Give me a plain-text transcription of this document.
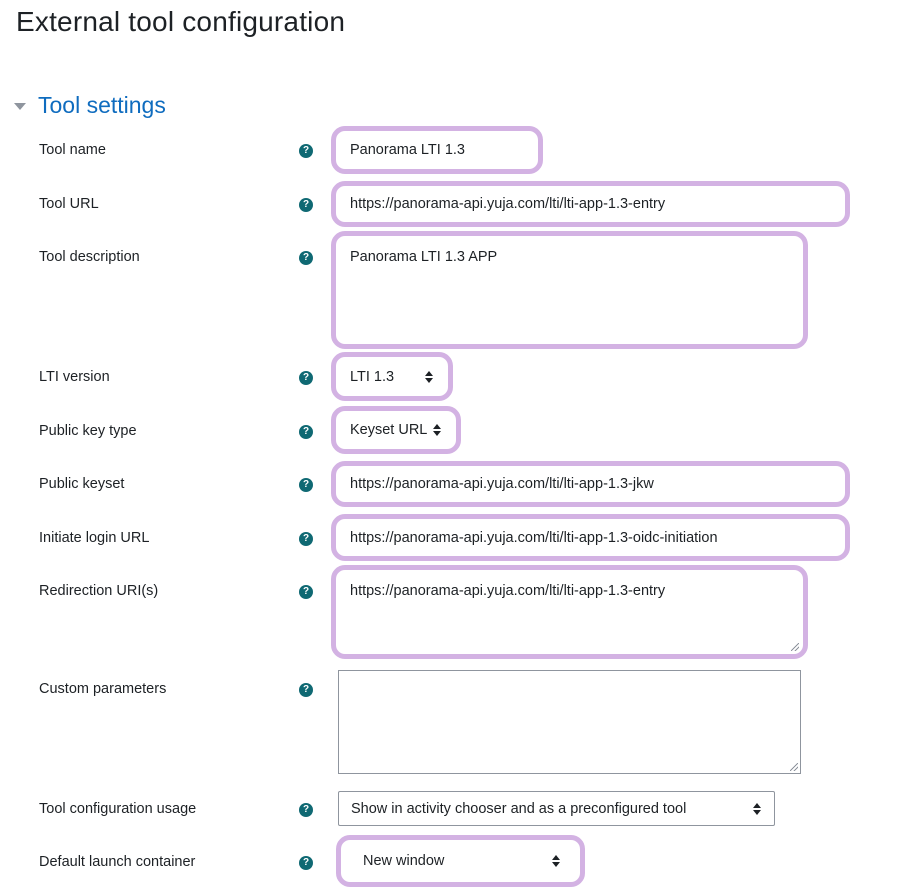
External tool configuration
Tool settings
Tool name	?	Panorama LTI 1.3
Tool URL	?	https://panorama-api.yuja.com/lti/lti-app-1.3-entry
Tool description	?	Panorama LTI 1.3 APP
LTI version	?	LTI 1.3
Public key type	?	Keyset URL
Public keyset	?	https://panorama-api.yuja.com/lti/lti-app-1.3-jkw
Initiate login URL	?	https://panorama-api.yuja.com/lti/lti-app-1.3-oidc-initiation
Redirection URI(s)	?	https://panorama-api.yuja.com/lti/lti-app-1.3-entry
Custom parameters	?
Tool configuration usage	?	Show in activity chooser and as a preconfigured tool
Default launch container	?	New window
